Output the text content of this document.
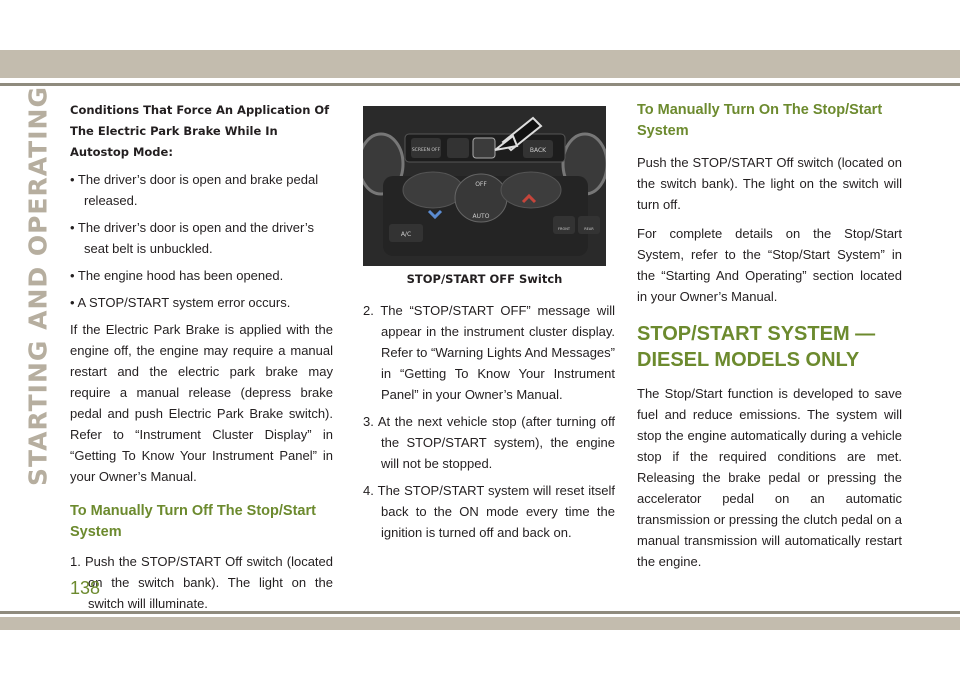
STARTING AND OPERATING Conditions That Force An Application Of The Electric Park Brake While In Autostop Mode:

• The driver’s door is open and brake pedal released.

• The driver’s door is open and the driver’s seat belt is unbuckled.

• The engine hood has been opened.

• A STOP/START system error occurs.

If the Electric Park Brake is applied with the engine off, the engine may require a manual restart and the electric park brake may require a manual release (depress brake pedal and push Electric Park Brake switch). Refer to “Instrument Cluster Display” in “Getting To Know Your Instrument Panel” in your Owner’s Manual.

To Manually Turn Off The Stop/Start System

1. Push the STOP/START Off switch (located on the switch bank). The light on the switch will illuminate.

SCREEN OFF	BACK
OFF
AUTO
A/C
FRONT	REAR
STOP/START OFF Switch

2. The “STOP/START OFF” message will appear in the instrument cluster display. Refer to “Warning Lights And Messages” in “Getting To Know Your Instrument Panel” in your Owner’s Manual.

3. At the next vehicle stop (after turning off the STOP/START system), the engine will not be stopped.

4. The STOP/START system will reset itself back to the ON mode every time the ignition is turned off and back on.

To Manually Turn On The Stop/Start System

Push the STOP/START Off switch (located on the switch bank). The light on the switch will turn off.

For complete details on the Stop/Start System, refer to the “Stop/Start System” in the “Starting And Operating” section located in your Owner’s Manual.

STOP/START SYSTEM — DIESEL MODELS ONLY

The Stop/Start function is developed to save fuel and reduce emissions. The system will stop the engine automatically during a vehicle stop if the required conditions are met. Releasing the brake pedal or pressing the accelerator pedal on an automatic transmission or pressing the clutch pedal on a manual transmission will automatically restart the engine.

138
